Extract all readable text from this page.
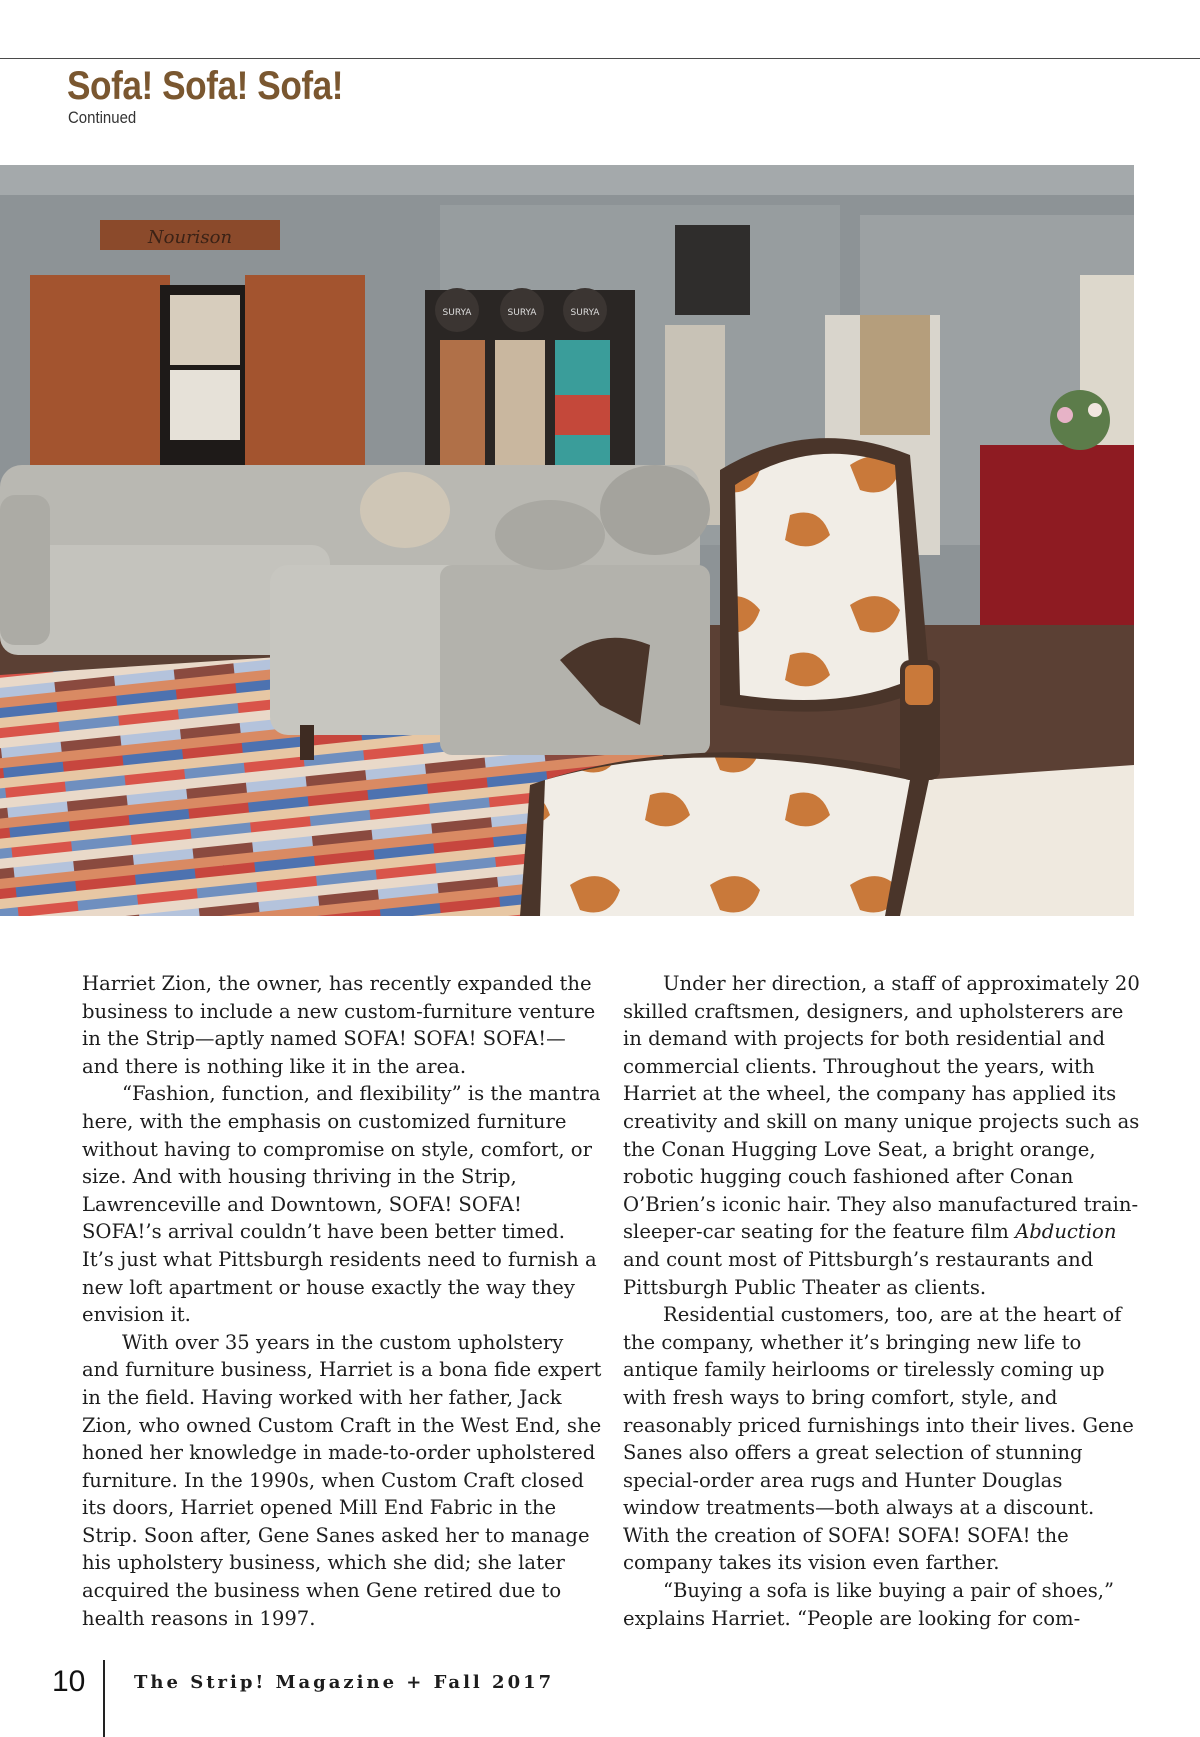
Sofa! Sofa! Sofa!
Continued
Nourison
SURYA	SURYA	SURYA

Harriet Zion, the owner, has recently expanded the business to include a new custom-furniture venture in the Strip—aptly named SOFA! SOFA! SOFA!—and there is nothing like it in the area.

“Fashion, function, and flexibility” is the mantra here, with the emphasis on customized furniture without having to compromise on style, comfort, or size. And with housing thriving in the Strip, Lawrenceville and Downtown, SOFA! SOFA! SOFA!’s arrival couldn’t have been better timed. It’s just what Pittsburgh residents need to furnish a new loft apartment or house exactly the way they envision it.

With over 35 years in the custom upholstery and furniture business, Harriet is a bona fide expert in the field. Having worked with her father, Jack Zion, who owned Custom Craft in the West End, she honed her knowledge in made-to-order upholstered furniture. In the 1990s, when Custom Craft closed its doors, Harriet opened Mill End Fabric in the Strip. Soon after, Gene Sanes asked her to manage his upholstery business, which she did; she later acquired the business when Gene retired due to health reasons in 1997.

Under her direction, a staff of approximately 20 skilled craftsmen, designers, and upholsterers are in demand with projects for both residential and commercial clients. Throughout the years, with Harriet at the wheel, the company has applied its creativity and skill on many unique projects such as the Conan Hugging Love Seat, a bright orange, robotic hugging couch fashioned after Conan O’Brien’s iconic hair. They also manufactured train-sleeper-car seating for the feature film Abduction and count most of Pittsburgh’s restaurants and Pittsburgh Public Theater as clients.

Residential customers, too, are at the heart of the company, whether it’s bringing new life to antique family heirlooms or tirelessly coming up with fresh ways to bring comfort, style, and reasonably priced furnishings into their lives. Gene Sanes also offers a great selection of stunning special-order area rugs and Hunter Douglas window treatments—both always at a discount. With the creation of SOFA! SOFA! SOFA! the company takes its vision even farther.

“Buying a sofa is like buying a pair of shoes,” explains Harriet. “People are looking for com-

10	The Strip! Magazine + Fall 2017
